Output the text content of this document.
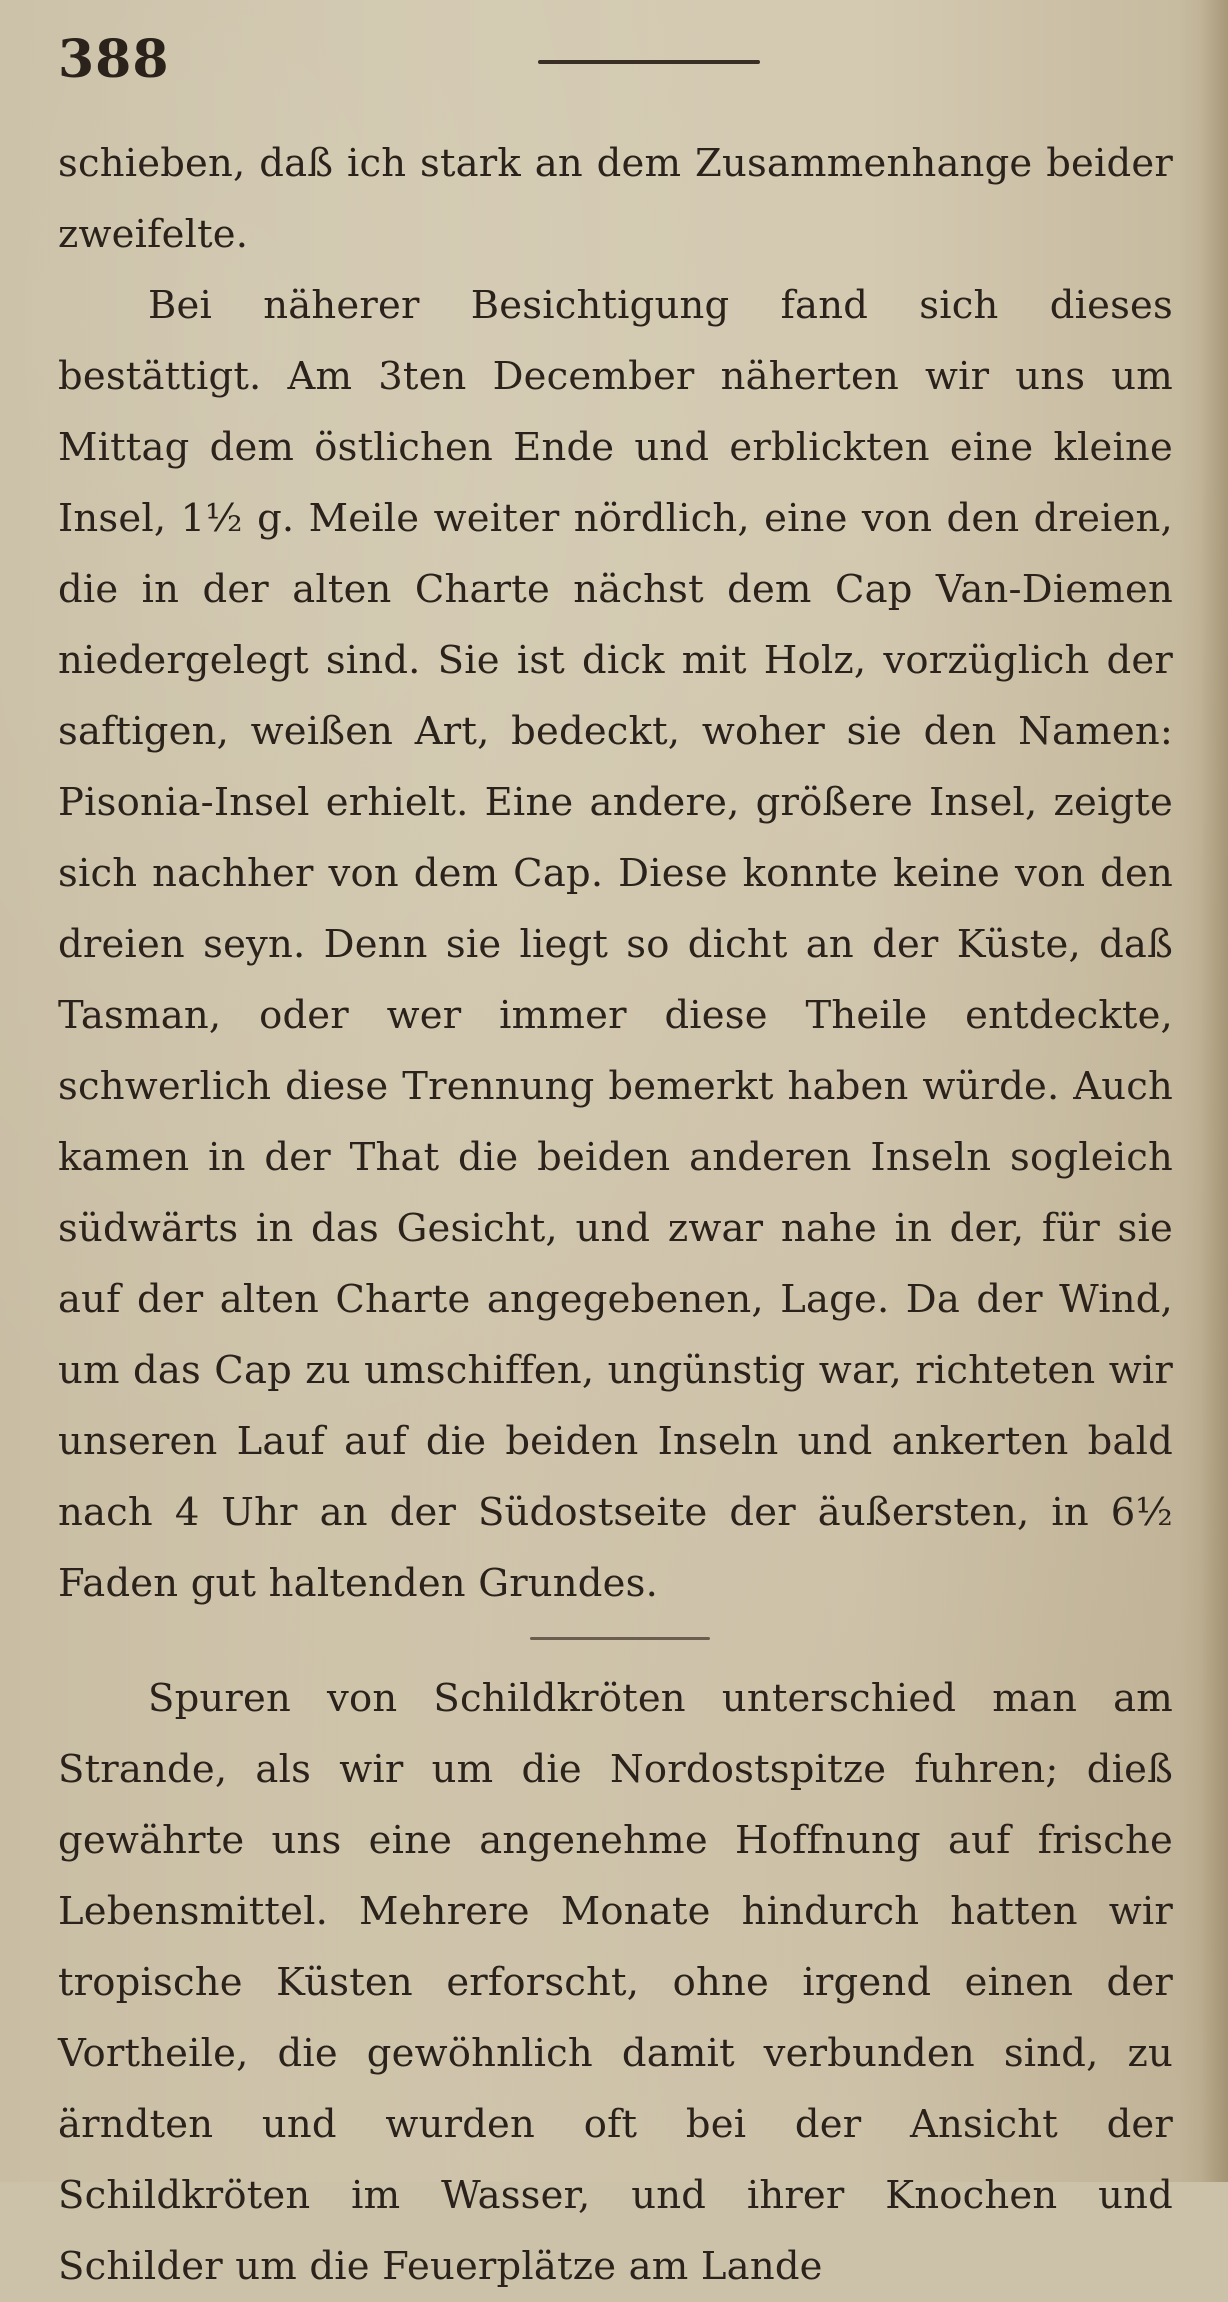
388

schieben, daß ich stark an dem Zusammenhange beider zweifelte.

Bei näherer Besichtigung fand sich dieses bestättigt. Am 3ten December näherten wir uns um Mittag dem östlichen Ende und erblickten eine kleine Insel, 1½ g. Meile weiter nördlich, eine von den dreien, die in der alten Charte nächst dem Cap Van-Diemen niedergelegt sind. Sie ist dick mit Holz, vorzüglich der saftigen, weißen Art, bedeckt, woher sie den Namen: Pisonia-Insel erhielt. Eine andere, größere Insel, zeigte sich nachher von dem Cap. Diese konnte keine von den dreien seyn. Denn sie liegt so dicht an der Küste, daß Tasman, oder wer immer diese Theile entdeckte, schwerlich diese Trennung bemerkt haben würde. Auch kamen in der That die beiden anderen Inseln sogleich südwärts in das Gesicht, und zwar nahe in der, für sie auf der alten Charte angegebenen, Lage. Da der Wind, um das Cap zu umschiffen, ungünstig war, richteten wir unseren Lauf auf die beiden Inseln und ankerten bald nach 4 Uhr an der Südostseite der äußersten, in 6½ Faden gut haltenden Grundes.

Spuren von Schildkröten unterschied man am Strande, als wir um die Nordostspitze fuhren; dieß gewährte uns eine angenehme Hoffnung auf frische Lebensmittel. Mehrere Monate hindurch hatten wir tropische Küsten erforscht, ohne irgend einen der Vortheile, die gewöhnlich damit verbunden sind, zu ärndten und wurden oft bei der Ansicht der Schildkröten im Wasser, und ihrer Knochen und Schilder um die Feuerplätze am Lande
